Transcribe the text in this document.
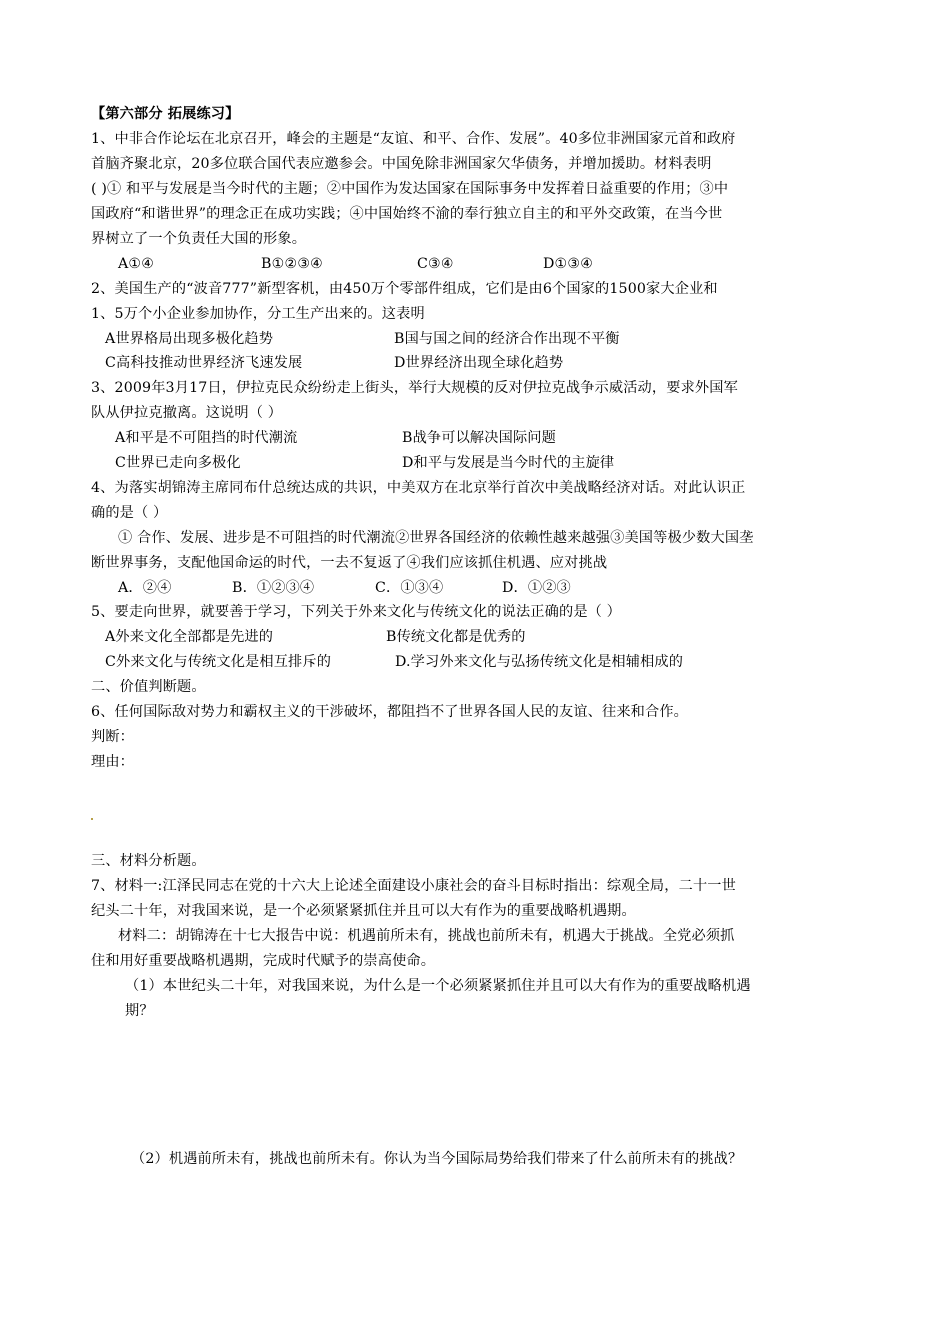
【第六部分 拓展练习】
1、中非合作论坛在北京召开，峰会的主题是“友谊、和平、合作、发展”。40多位非洲国家元首和政府
首脑齐聚北京，20多位联合国代表应邀参会。中国免除非洲国家欠华债务，并增加援助。材料表明
( )① 和平与发展是当今时代的主题；②中国作为发达国家在国际事务中发挥着日益重要的作用；③中
国政府“和谐世界”的理念正在成功实践；④中国始终不渝的奉行独立自主的和平外交政策，在当今世
界树立了一个负责任大国的形象。
A①④	B①②③④	C③④	D①③④
2、美国生产的“波音777”新型客机，由450万个零部件组成，它们是由6个国家的1500家大企业和
1、5万个小企业参加协作，分工生产出来的。这表明
A世界格局出现多极化趋势	B国与国之间的经济合作出现不平衡
C高科技推动世界经济飞速发展	D世界经济出现全球化趋势
3、2009年3月17日，伊拉克民众纷纷走上街头，举行大规模的反对伊拉克战争示威活动，要求外国军
队从伊拉克撤离。这说明（ ）
A和平是不可阻挡的时代潮流	B战争可以解决国际问题
C世界已走向多极化	D和平与发展是当今时代的主旋律
4、为落实胡锦涛主席同布什总统达成的共识，中美双方在北京举行首次中美战略经济对话。对此认识正
确的是（ ）
① 合作、发展、进步是不可阻挡的时代潮流②世界各国经济的依赖性越来越强③美国等极少数大国垄
断世界事务，支配他国命运的时代，一去不复返了④我们应该抓住机遇、应对挑战
A．②④	B．①②③④	C．①③④	D．①②③
5、要走向世界，就要善于学习，下列关于外来文化与传统文化的说法正确的是（ ）
A外来文化全部都是先进的	B传统文化都是优秀的
C外来文化与传统文化是相互排斥的	D.学习外来文化与弘扬传统文化是相辅相成的
二、价值判断题。
6、任何国际敌对势力和霸权主义的干涉破坏，都阻挡不了世界各国人民的友谊、往来和合作。
判断：
理由：
三、材料分析题。
7、材料一:江泽民同志在党的十六大上论述全面建设小康社会的奋斗目标时指出：综观全局，二十一世
纪头二十年，对我国来说，是一个必须紧紧抓住并且可以大有作为的重要战略机遇期。
材料二：胡锦涛在十七大报告中说：机遇前所未有，挑战也前所未有，机遇大于挑战。全党必须抓
住和用好重要战略机遇期，完成时代赋予的崇高使命。
（1）本世纪头二十年，对我国来说，为什么是一个必须紧紧抓住并且可以大有作为的重要战略机遇
期？
（2）机遇前所未有，挑战也前所未有。你认为当今国际局势给我们带来了什么前所未有的挑战？
